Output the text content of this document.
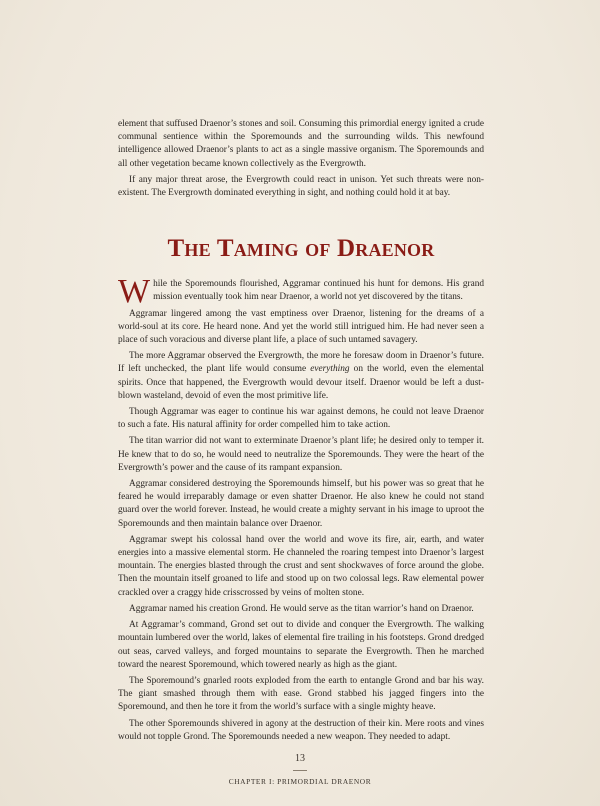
element that suffused Draenor’s stones and soil. Consuming this primordial energy ignited a crude communal sentience within the Sporemounds and the surrounding wilds. This newfound intelligence allowed Draenor’s plants to act as a single massive organism. The Sporemounds and all other vegetation became known collectively as the Evergrowth.

If any major threat arose, the Evergrowth could react in unison. Yet such threats were non-existent. The Evergrowth dominated everything in sight, and nothing could hold it at bay.

The Taming of Draenor

While the Sporemounds flourished, Aggramar continued his hunt for demons. His grand mission eventually took him near Draenor, a world not yet discovered by the titans.

Aggramar lingered among the vast emptiness over Draenor, listening for the dreams of a world-soul at its core. He heard none. And yet the world still intrigued him. He had never seen a place of such voracious and diverse plant life, a place of such untamed savagery.

The more Aggramar observed the Evergrowth, the more he foresaw doom in Draenor’s future. If left unchecked, the plant life would consume everything on the world, even the elemental spirits. Once that happened, the Evergrowth would devour itself. Draenor would be left a dust-blown wasteland, devoid of even the most primitive life.

Though Aggramar was eager to continue his war against demons, he could not leave Draenor to such a fate. His natural affinity for order compelled him to take action.

The titan warrior did not want to exterminate Draenor’s plant life; he desired only to temper it. He knew that to do so, he would need to neutralize the Sporemounds. They were the heart of the Evergrowth’s power and the cause of its rampant expansion.

Aggramar considered destroying the Sporemounds himself, but his power was so great that he feared he would irreparably damage or even shatter Draenor. He also knew he could not stand guard over the world forever. Instead, he would create a mighty servant in his image to uproot the Sporemounds and then maintain balance over Draenor.

Aggramar swept his colossal hand over the world and wove its fire, air, earth, and water energies into a massive elemental storm. He channeled the roaring tempest into Draenor’s largest mountain. The energies blasted through the crust and sent shockwaves of force around the globe. Then the mountain itself groaned to life and stood up on two colossal legs. Raw elemental power crackled over a craggy hide crisscrossed by veins of molten stone.

Aggramar named his creation Grond. He would serve as the titan warrior’s hand on Draenor.

At Aggramar’s command, Grond set out to divide and conquer the Evergrowth. The walking mountain lumbered over the world, lakes of elemental fire trailing in his footsteps. Grond dredged out seas, carved valleys, and forged mountains to separate the Evergrowth. Then he marched toward the nearest Sporemound, which towered nearly as high as the giant.

The Sporemound’s gnarled roots exploded from the earth to entangle Grond and bar his way. The giant smashed through them with ease. Grond stabbed his jagged fingers into the Sporemound, and then he tore it from the world’s surface with a single mighty heave.

The other Sporemounds shivered in agony at the destruction of their kin. Mere roots and vines would not topple Grond. The Sporemounds needed a new weapon. They needed to adapt.

13
CHAPTER I: PRIMORDIAL DRAENOR
